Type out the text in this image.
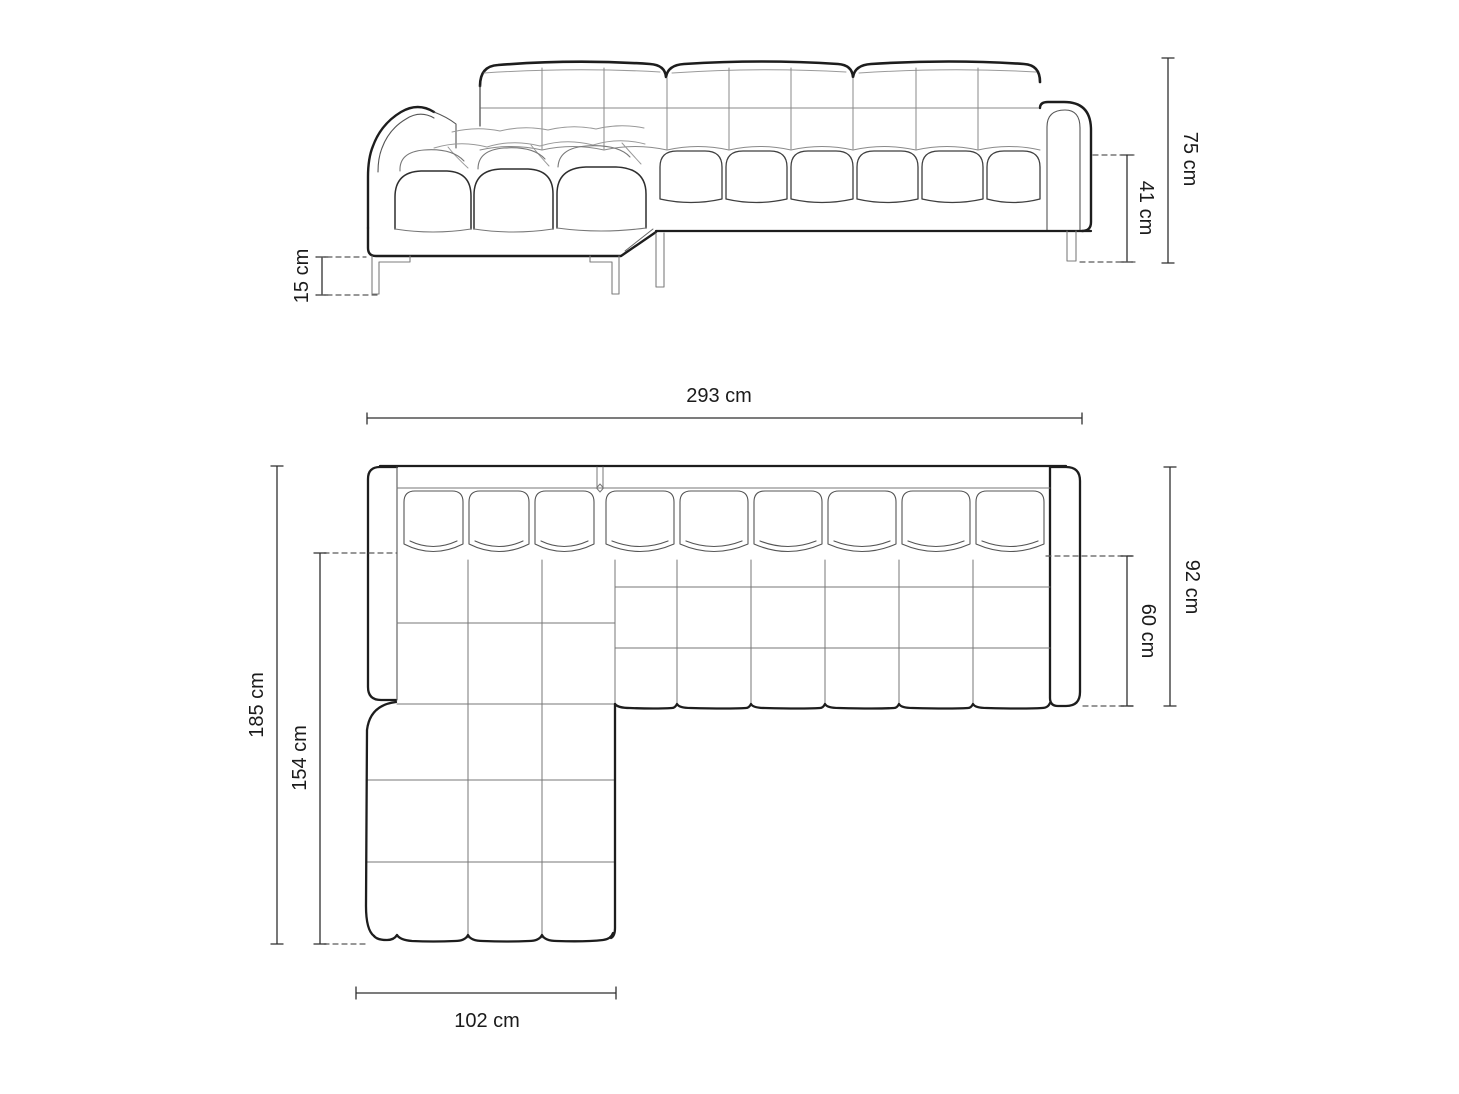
75 cm
41 cm
15 cm
293 cm
92 cm
60 cm
185 cm
154 cm
102 cm
